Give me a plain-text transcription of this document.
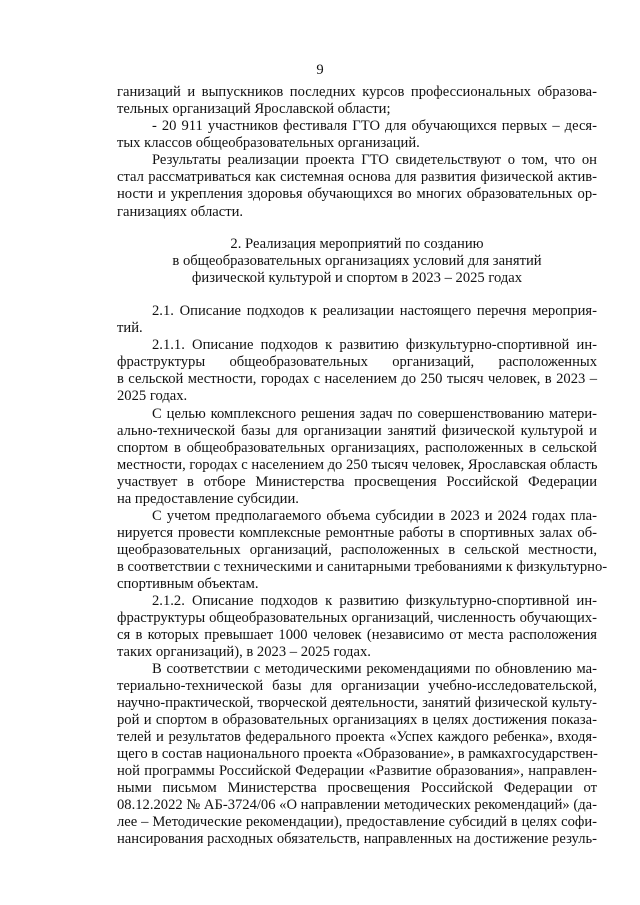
9
ганизаций и выпускников последних курсов профессиональных образова-
тельных организаций Ярославской области;
- 20 911 участников фестиваля ГТО для обучающихся первых – деся-
тых классов общеобразовательных организаций.
Результаты реализации проекта ГТО свидетельствуют о том, что он
стал рассматриваться как системная основа для развития физической актив-
ности и укрепления здоровья обучающихся во многих образовательных ор-
ганизациях области.
2. Реализация мероприятий по созданию
в общеобразовательных организациях условий для занятий
физической культурой и спортом в 2023 – 2025 годах
2.1. Описание подходов к реализации настоящего перечня мероприя-
тий.
2.1.1. Описание подходов к развитию физкультурно-спортивной ин-
фраструктуры общеобразовательных организаций, расположенных
в сельской местности, городах с населением до 250 тысяч человек, в 2023 –
2025 годах.
С целью комплексного решения задач по совершенствованию матери-
ально-технической базы для организации занятий физической культурой и
спортом в общеобразовательных организациях, расположенных в сельской
местности, городах с населением до 250 тысяч человек, Ярославская область
участвует в отборе Министерства просвещения Российской Федерации
на предоставление субсидии.
С учетом предполагаемого объема субсидии в 2023 и 2024 годах пла-
нируется провести комплексные ремонтные работы в спортивных залах об-
щеобразовательных организаций, расположенных в сельской местности,
в соответствии с техническими и санитарными требованиями к физкультурно-
спортивным объектам.
2.1.2. Описание подходов к развитию физкультурно-спортивной ин-
фраструктуры общеобразовательных организаций, численность обучающих-
ся в которых превышает 1000 человек (независимо от места расположения
таких организаций), в 2023 – 2025 годах.
В соответствии с методическими рекомендациями по обновлению ма-
териально-технической базы для организации учебно-исследовательской,
научно-практической, творческой деятельности, занятий физической культу-
рой и спортом в образовательных организациях в целях достижения показа-
телей и результатов федерального проекта «Успех каждого ребенка», входя-
щего в состав национального проекта «Образование», в рамкахгосударствен-
ной программы Российской Федерации «Развитие образования», направлен-
ными письмом Министерства просвещения Российской Федерации от
08.12.2022 № АБ-3724/06 «О направлении методических рекомендаций» (да-
лее – Методические рекомендации), предоставление субсидий в целях софи-
нансирования расходных обязательств, направленных на достижение резуль-
